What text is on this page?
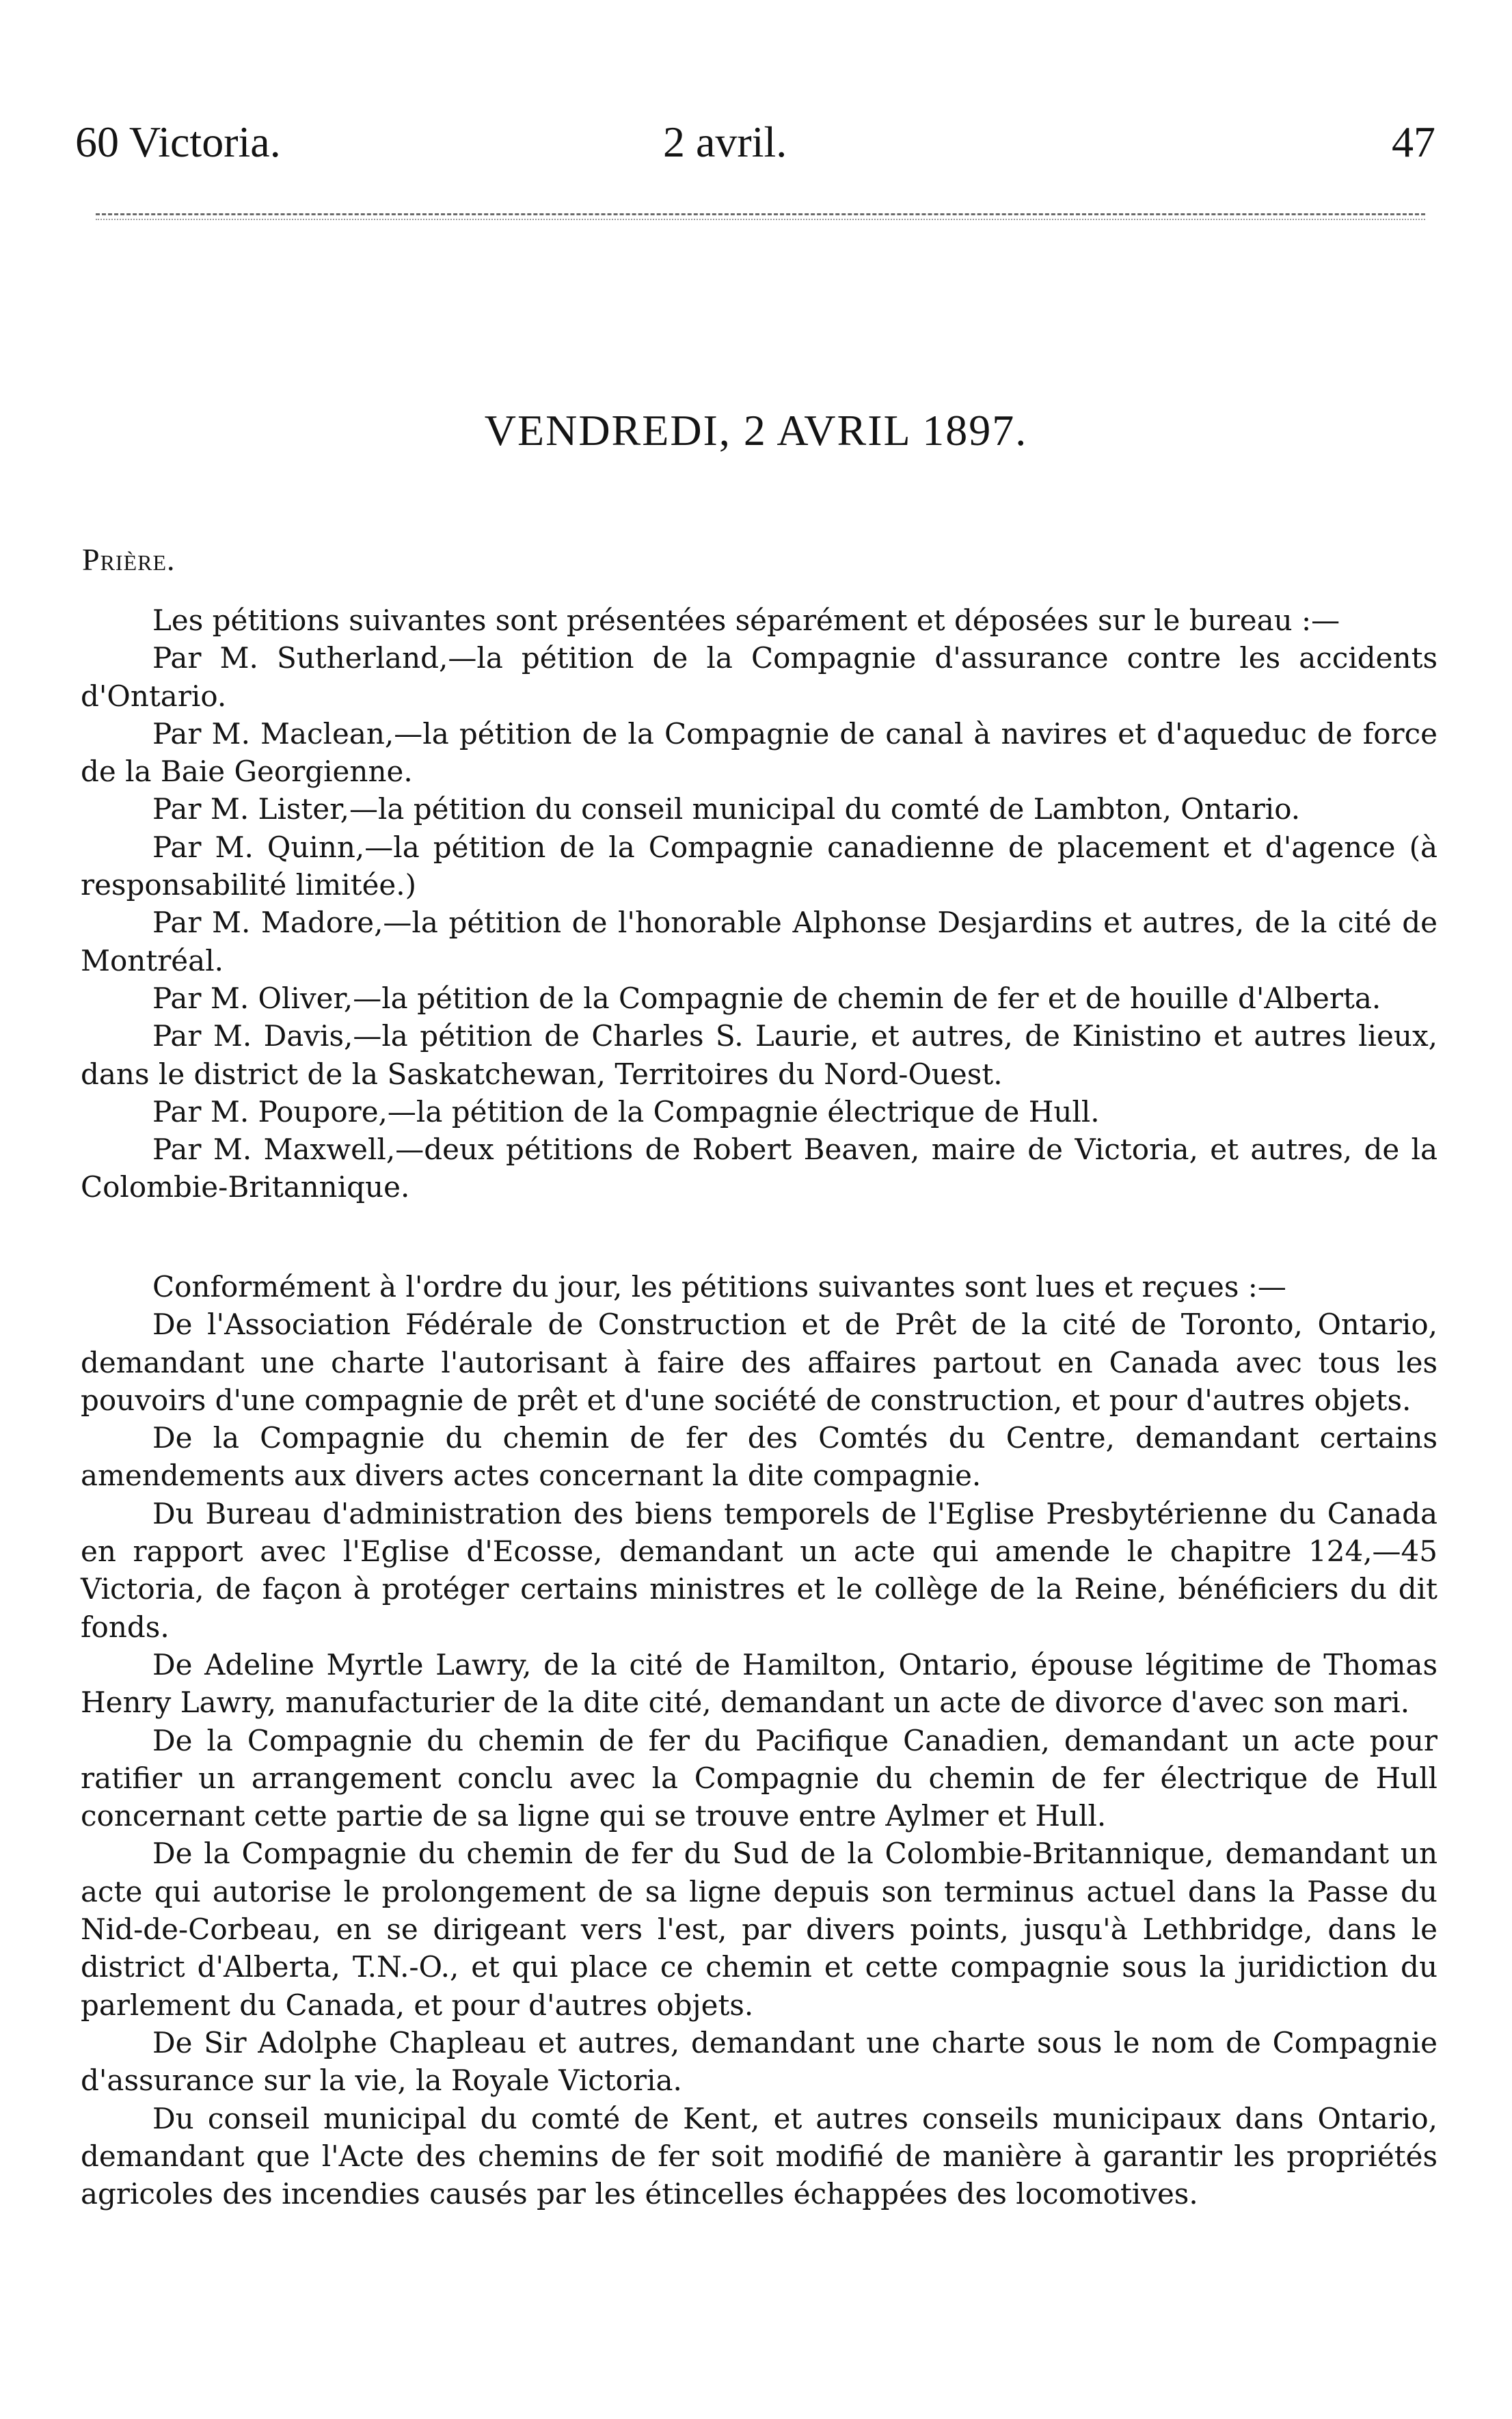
60 Victoria.	2 avril.	47
VENDREDI, 2 AVRIL 1897.
Prière.

Les pétitions suivantes sont présentées séparément et déposées sur le bureau :—

Par M. Sutherland,—la pétition de la Compagnie d'assurance contre les accidents d'Ontario.

Par M. Maclean,—la pétition de la Compagnie de canal à navires et d'aqueduc de force de la Baie Georgienne.

Par M. Lister,—la pétition du conseil municipal du comté de Lambton, Ontario.

Par M. Quinn,—la pétition de la Compagnie canadienne de placement et d'agence (à responsabilité limitée.)

Par M. Madore,—la pétition de l'honorable Alphonse Desjardins et autres, de la cité de Montréal.

Par M. Oliver,—la pétition de la Compagnie de chemin de fer et de houille d'Alberta.

Par M. Davis,—la pétition de Charles S. Laurie, et autres, de Kinistino et autres lieux, dans le district de la Saskatchewan, Territoires du Nord-Ouest.

Par M. Poupore,—la pétition de la Compagnie électrique de Hull.

Par M. Maxwell,—deux pétitions de Robert Beaven, maire de Victoria, et autres, de la Colombie-Britannique.

Conformément à l'ordre du jour, les pétitions suivantes sont lues et reçues :—

De l'Association Fédérale de Construction et de Prêt de la cité de Toronto, Ontario, demandant une charte l'autorisant à faire des affaires partout en Canada avec tous les pouvoirs d'une compagnie de prêt et d'une société de construction, et pour d'autres objets.

De la Compagnie du chemin de fer des Comtés du Centre, demandant certains amendements aux divers actes concernant la dite compagnie.

Du Bureau d'administration des biens temporels de l'Eglise Presbytérienne du Canada en rapport avec l'Eglise d'Ecosse, demandant un acte qui amende le chapitre 124,—45 Victoria, de façon à protéger certains ministres et le collège de la Reine, bénéficiers du dit fonds.

De Adeline Myrtle Lawry, de la cité de Hamilton, Ontario, épouse légitime de Thomas Henry Lawry, manufacturier de la dite cité, demandant un acte de divorce d'avec son mari.

De la Compagnie du chemin de fer du Pacifique Canadien, demandant un acte pour ratifier un arrangement conclu avec la Compagnie du chemin de fer électrique de Hull concernant cette partie de sa ligne qui se trouve entre Aylmer et Hull.

De la Compagnie du chemin de fer du Sud de la Colombie-Britannique, demandant un acte qui autorise le prolongement de sa ligne depuis son terminus actuel dans la Passe du Nid-de-Corbeau, en se dirigeant vers l'est, par divers points, jusqu'à Lethbridge, dans le district d'Alberta, T.N.-O., et qui place ce chemin et cette compagnie sous la juridiction du parlement du Canada, et pour d'autres objets.

De Sir Adolphe Chapleau et autres, demandant une charte sous le nom de Compagnie d'assurance sur la vie, la Royale Victoria.

Du conseil municipal du comté de Kent, et autres conseils municipaux dans Ontario, demandant que l'Acte des chemins de fer soit modifié de manière à garantir les propriétés agricoles des incendies causés par les étincelles échappées des locomotives.
